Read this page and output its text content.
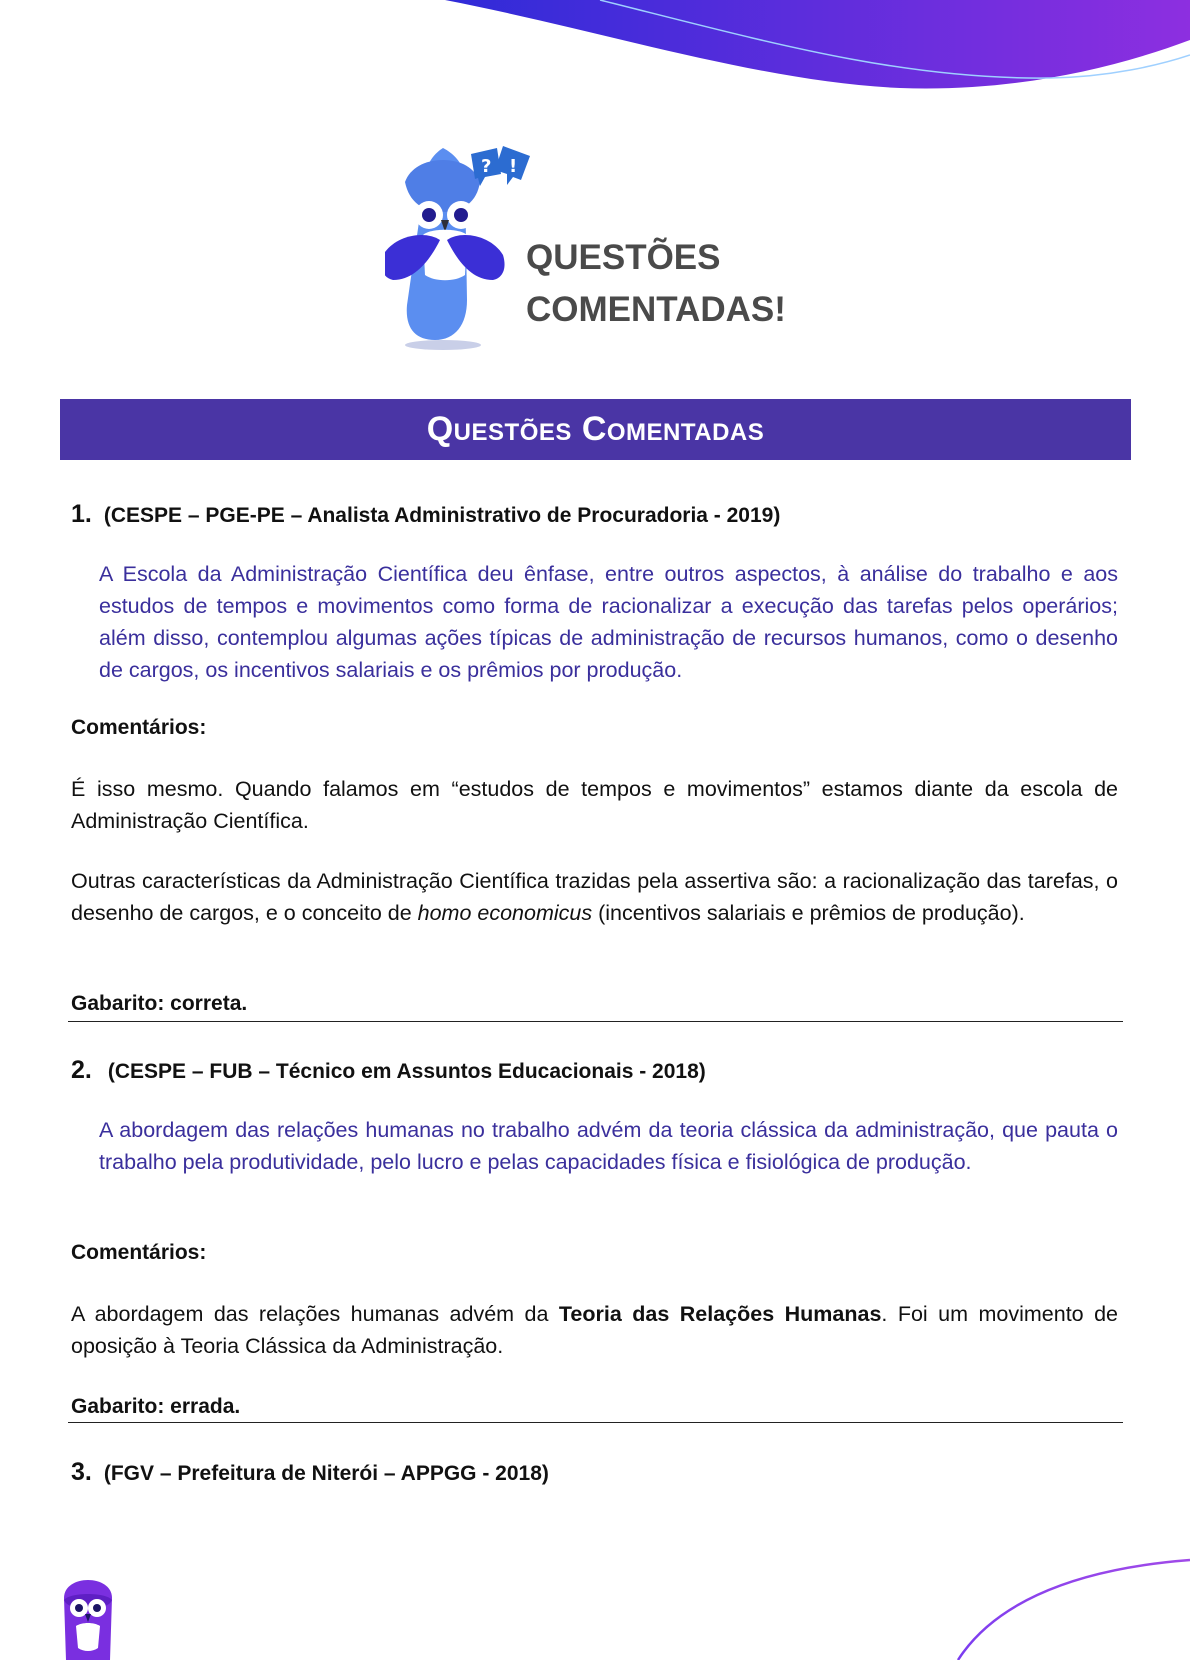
? !
QUESTÕES
COMENTADAS!
Questões Comentadas
1. (CESPE – PGE-PE – Analista Administrativo de Procuradoria - 2019)

A Escola da Administração Científica deu ênfase, entre outros aspectos, à análise do trabalho e aos estudos de tempos e movimentos como forma de racionalizar a execução das tarefas pelos operários; além disso, contemplou algumas ações típicas de administração de recursos humanos, como o desenho de cargos, os incentivos salariais e os prêmios por produção.

Comentários:

É isso mesmo. Quando falamos em “estudos de tempos e movimentos” estamos diante da escola de Administração Científica.

Outras características da Administração Científica trazidas pela assertiva são: a racionalização das tarefas, o desenho de cargos, e o conceito de homo economicus (incentivos salariais e prêmios de produção).

Gabarito: correta.
2. (CESPE – FUB – Técnico em Assuntos Educacionais - 2018)

A abordagem das relações humanas no trabalho advém da teoria clássica da administração, que pauta o trabalho pela produtividade, pelo lucro e pelas capacidades física e fisiológica de produção.

Comentários:

A abordagem das relações humanas advém da Teoria das Relações Humanas. Foi um movimento de oposição à Teoria Clássica da Administração.

Gabarito: errada.
3. (FGV – Prefeitura de Niterói – APPGG - 2018)
